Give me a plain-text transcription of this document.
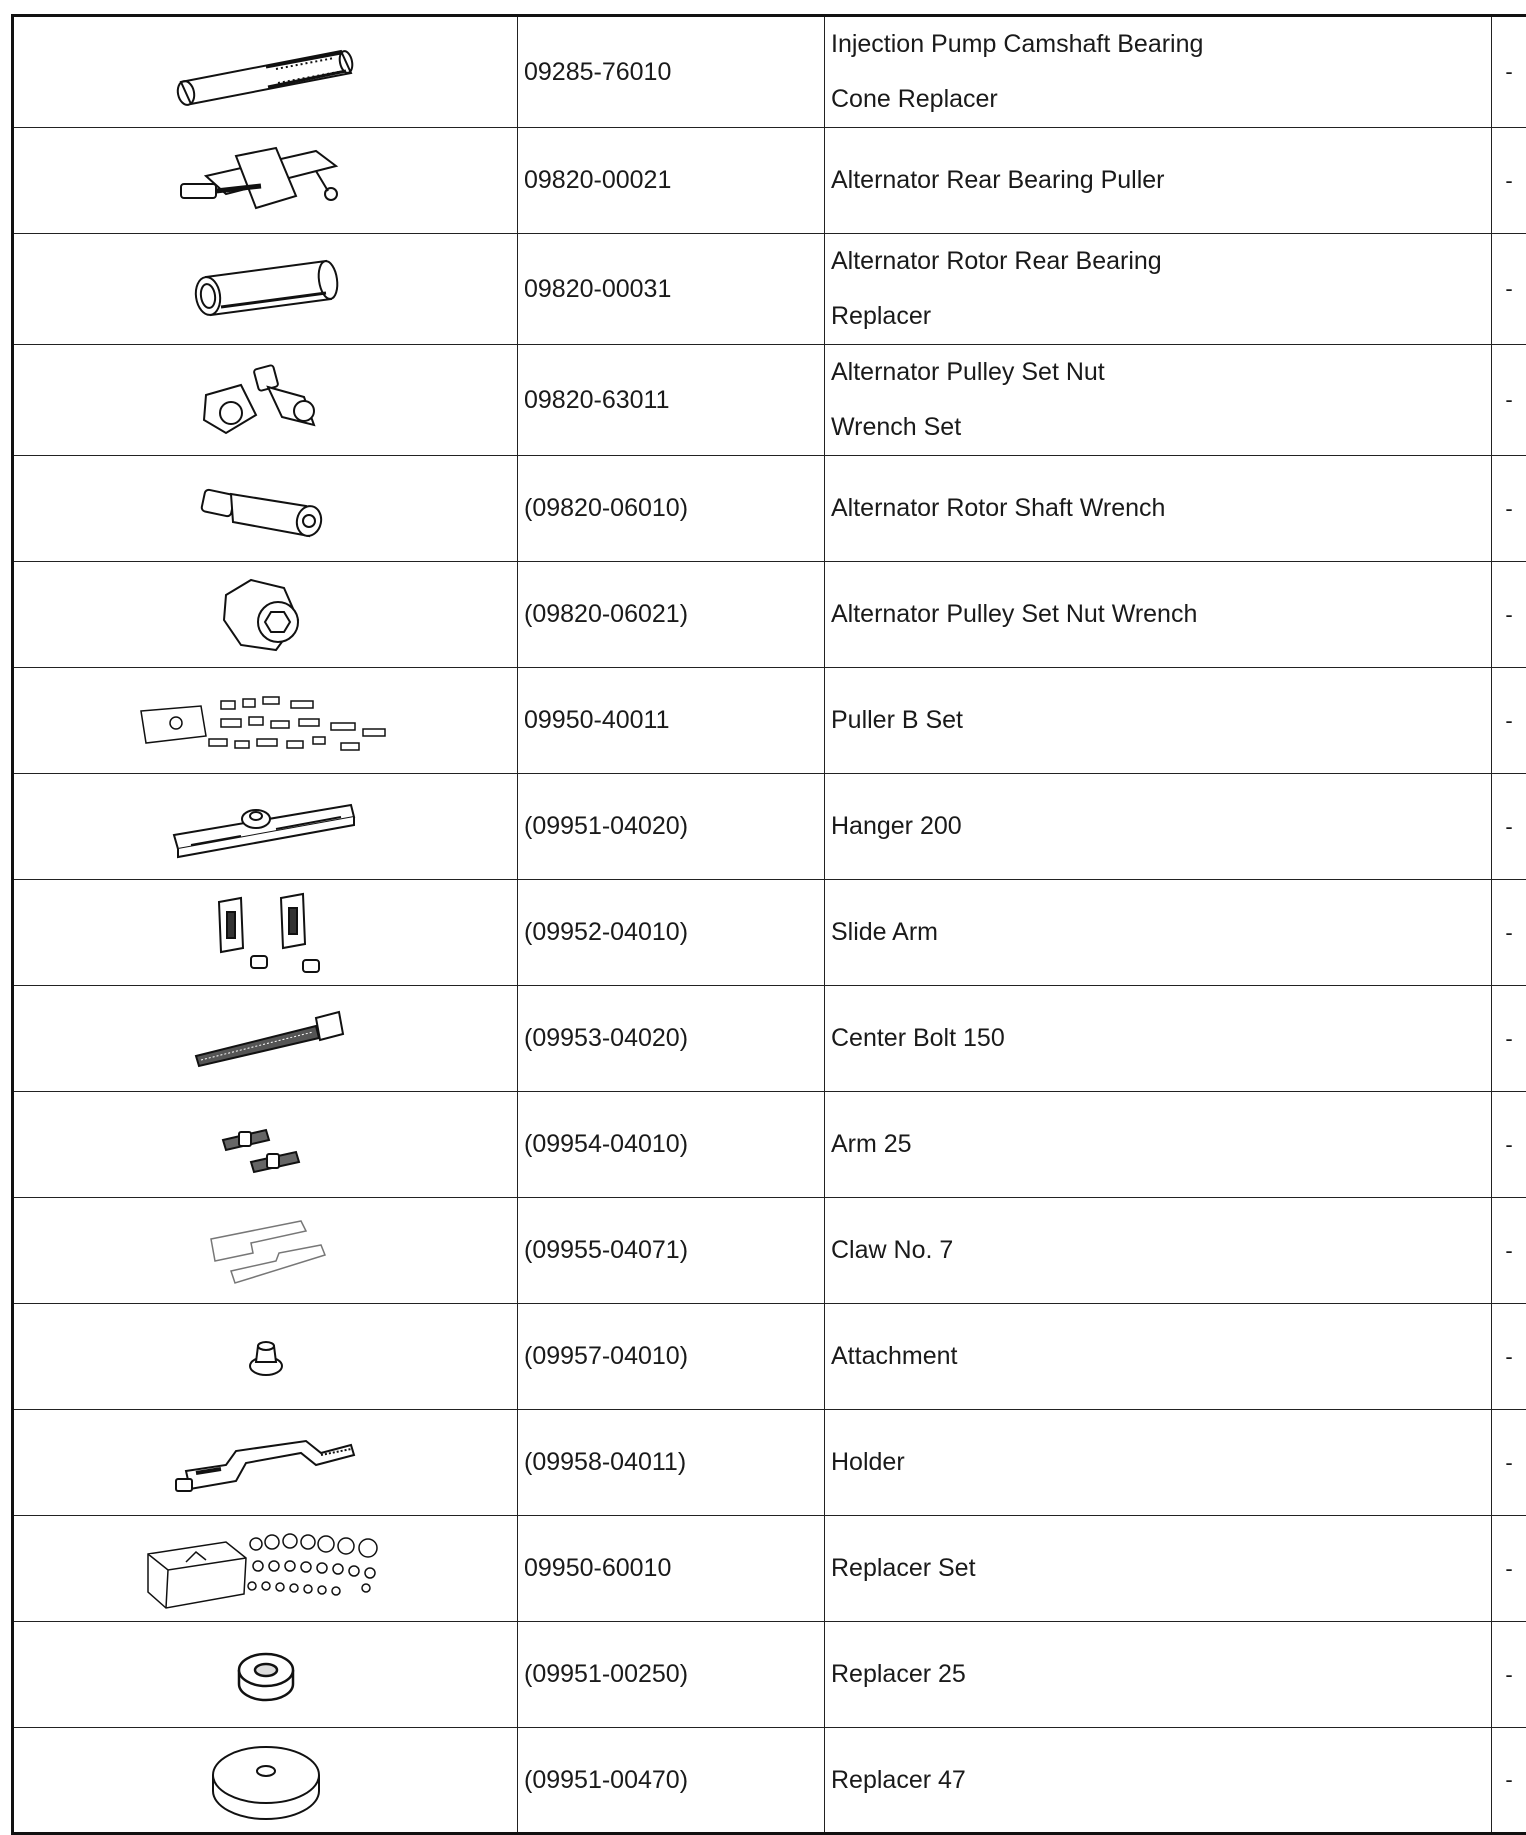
	09285-76010	Injection Pump Camshaft Bearing
Cone Replacer	-

	09820-00021	Alternator Rear Bearing Puller	-

	09820-00031	Alternator Rotor Rear Bearing
Replacer	-

	09820-63011	Alternator Pulley Set Nut
Wrench Set	-

	(09820-06010)	Alternator Rotor Shaft Wrench	-

	(09820-06021)	Alternator Pulley Set Nut Wrench	-

	09950-40011	Puller B Set	-

	(09951-04020)	Hanger 200	-

	(09952-04010)	Slide Arm	-

	(09953-04020)	Center Bolt 150	-

	(09954-04010)	Arm 25	-

	(09955-04071)	Claw No. 7	-

	(09957-04010)	Attachment	-

	(09958-04011)	Holder	-

	09950-60010	Replacer Set	-

	(09951-00250)	Replacer 25	-

	(09951-00470)	Replacer 47	-
